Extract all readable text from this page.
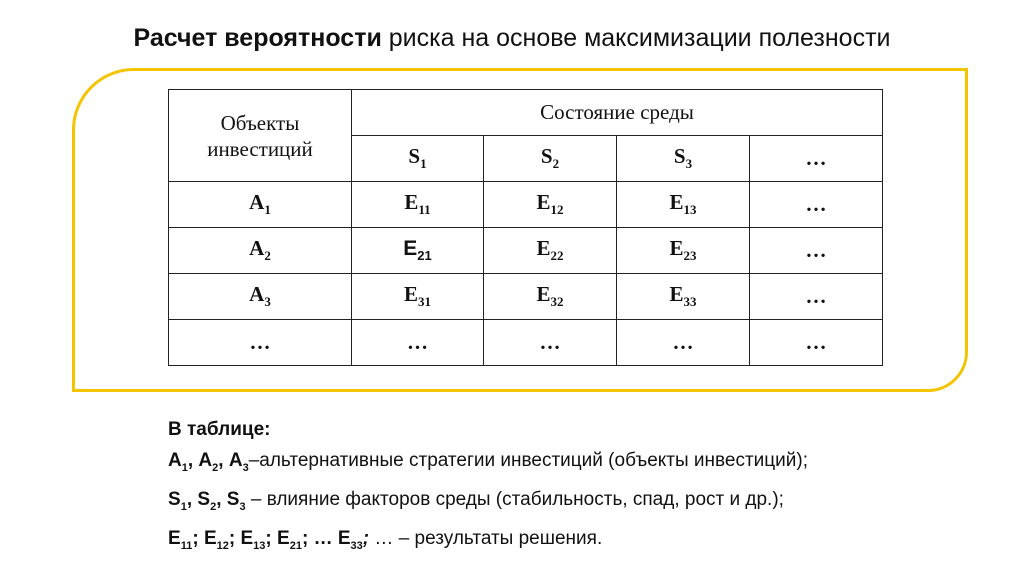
Расчет вероятности риска на основе максимизации полезности
Объекты инвестиций	Состояние среды			
	$S_1$	$S_2$	$S_3$	…
$A_1$	$E_{11}$	$E_{12}$	$E_{13}$	…
$A_2$	$E_{21}$	$E_{22}$	$E_{23}$	…
$A_3$	$E_{31}$	$E_{32}$	$E_{33}$	…
…	…	…	…	…
В таблице:
$A_1$, $A_2$, $A_3$–альтернативные стратегии инвестиций (объекты инвестиций);
$S_1$, $S_2$, $S_3$ – влияние факторов среды (стабильность, спад, рост и др.);
$E_{11}$; $E_{12}$; $E_{13}$; $E_{21}$; … $E_{33}$; … – результаты решения.
